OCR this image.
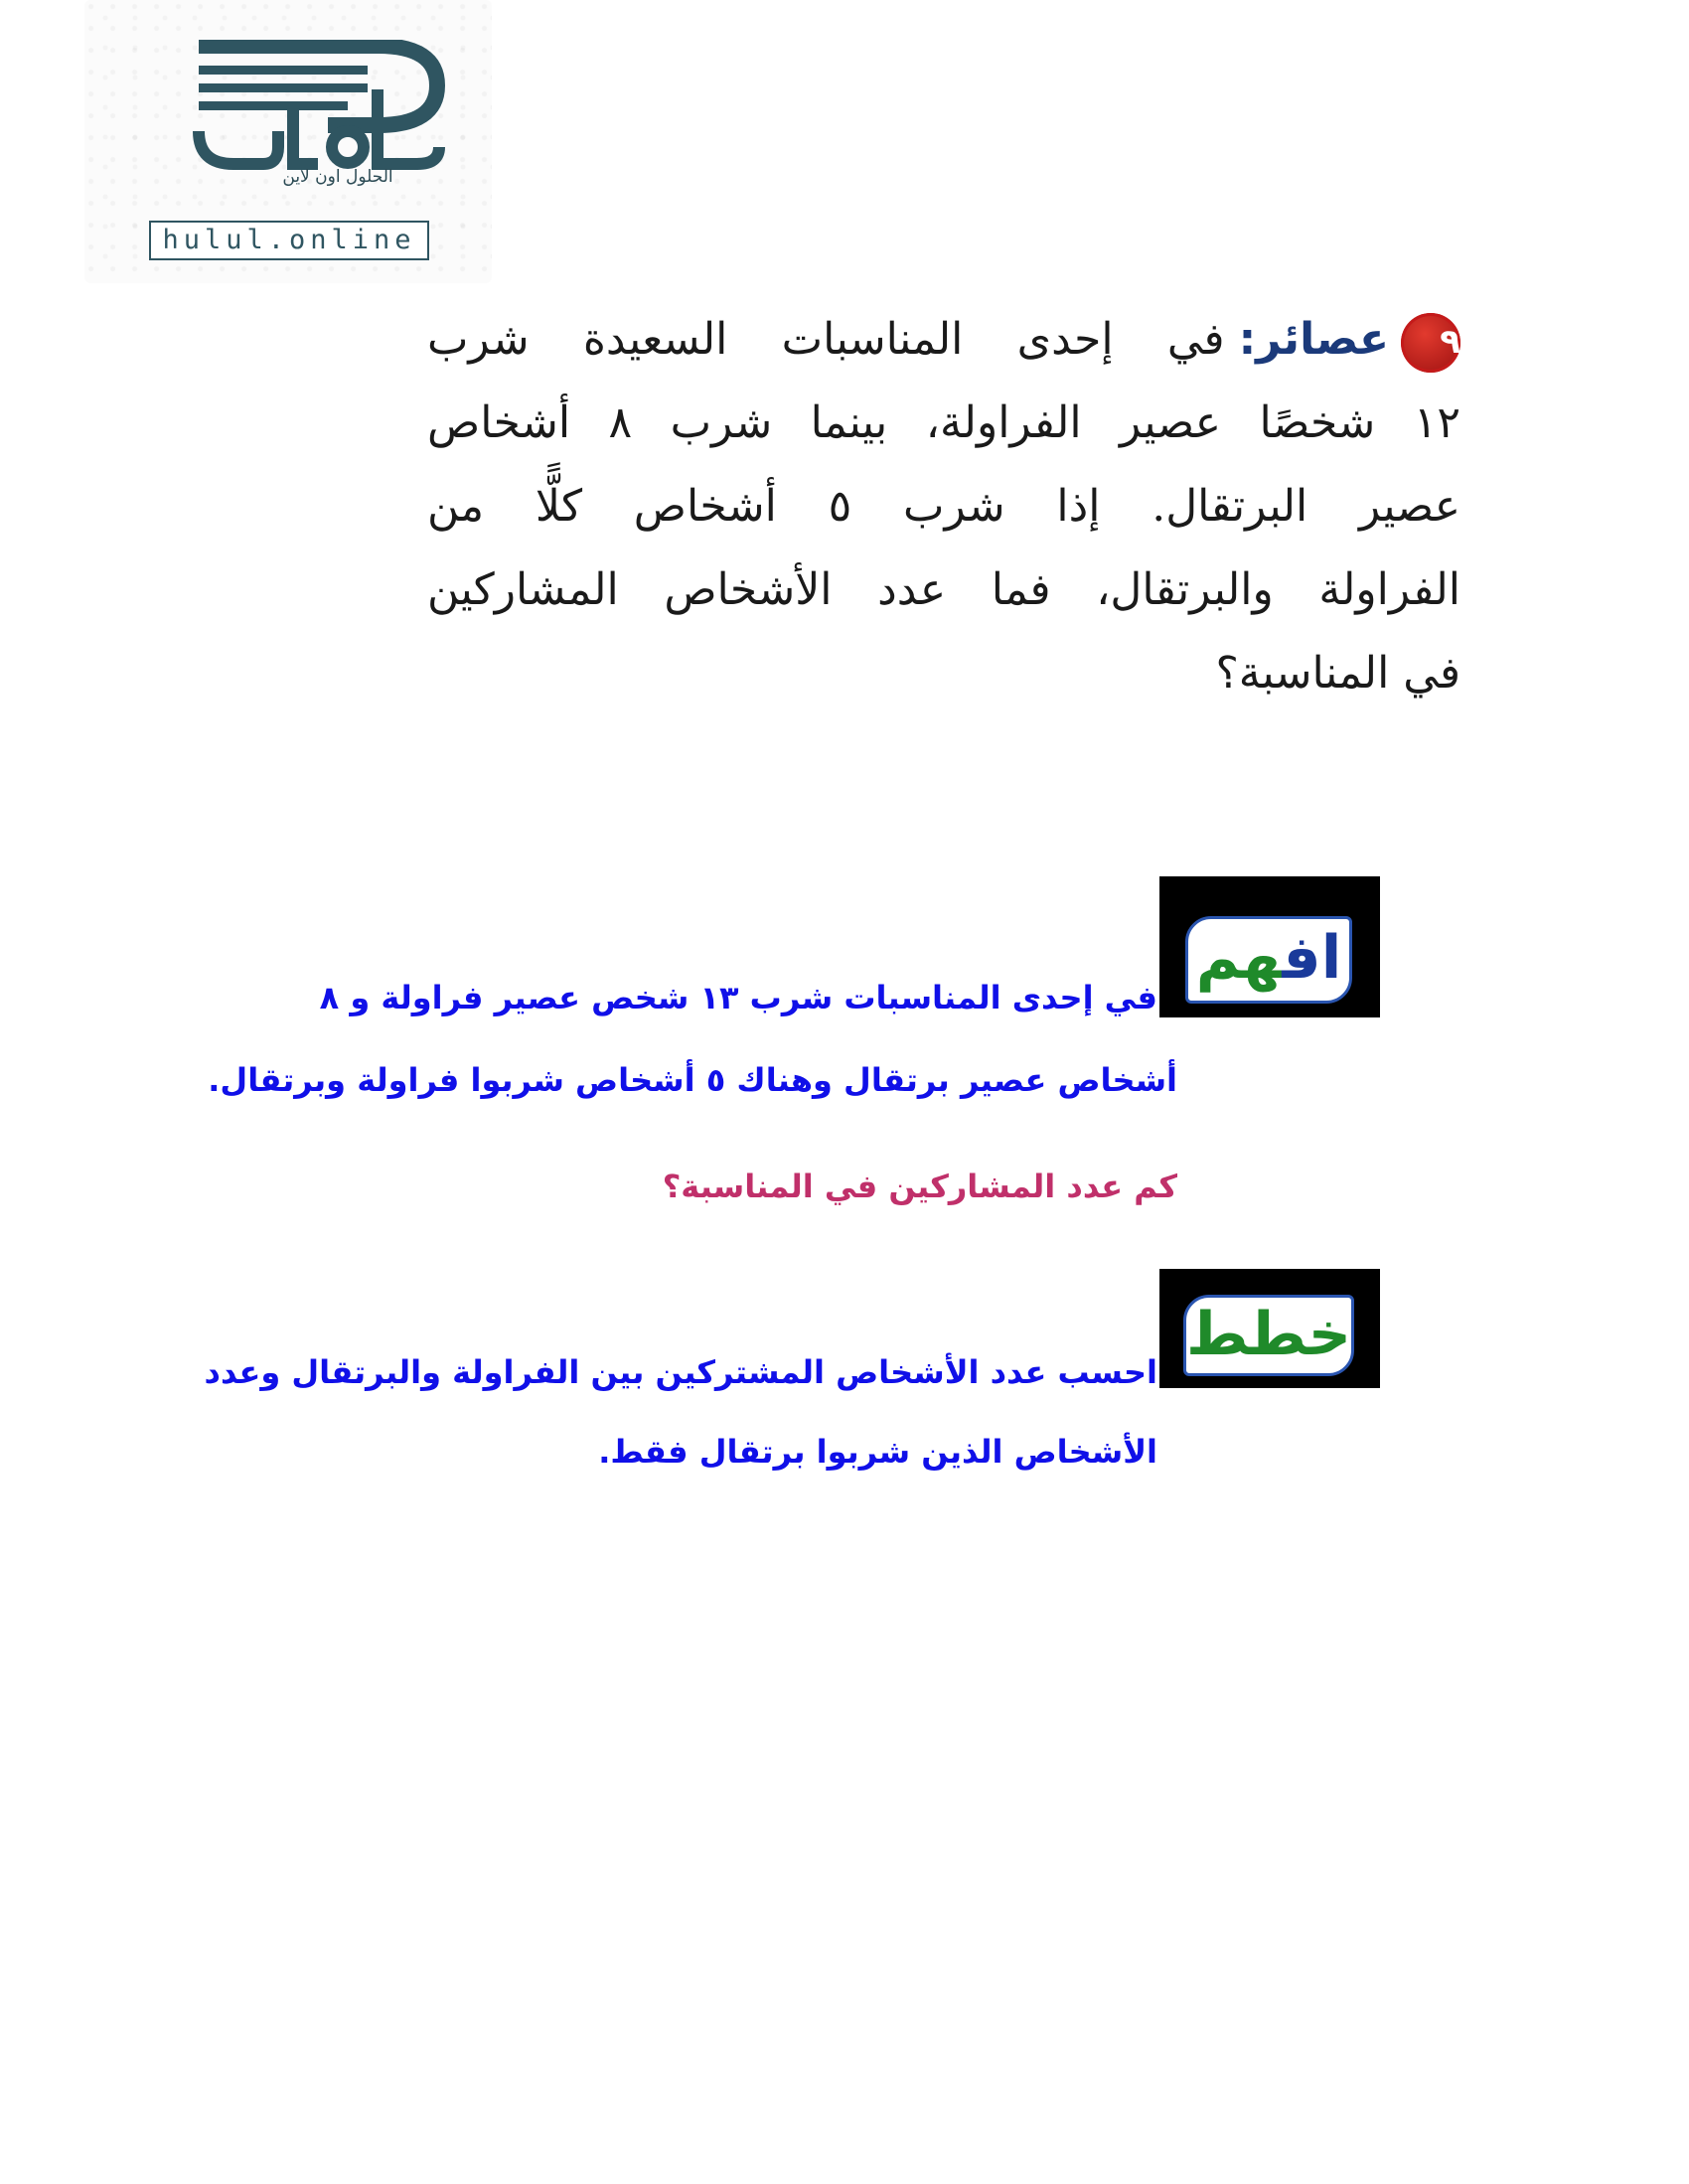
الحلول اون لاين
hulul.online
٩عصائر:في إحدى المناسبات السعيدة شرب
١٢ شخصًا عصير الفراولة، بينما شرب ٨ أشخاص
عصير البرتقال. إذا شرب ٥ أشخاص كلًّا من
الفراولة والبرتقال، فما عدد الأشخاص المشاركين
في المناسبة؟
افهم
في إحدى المناسبات شرب ١٣ شخص عصير فراولة و ٨
أشخاص عصير برتقال وهناك ٥ أشخاص شربوا فراولة وبرتقال.
كم عدد المشاركين في المناسبة؟
خطط
احسب عدد الأشخاص المشتركين بين الفراولة والبرتقال وعدد
الأشخاص الذين شربوا برتقال فقط.
